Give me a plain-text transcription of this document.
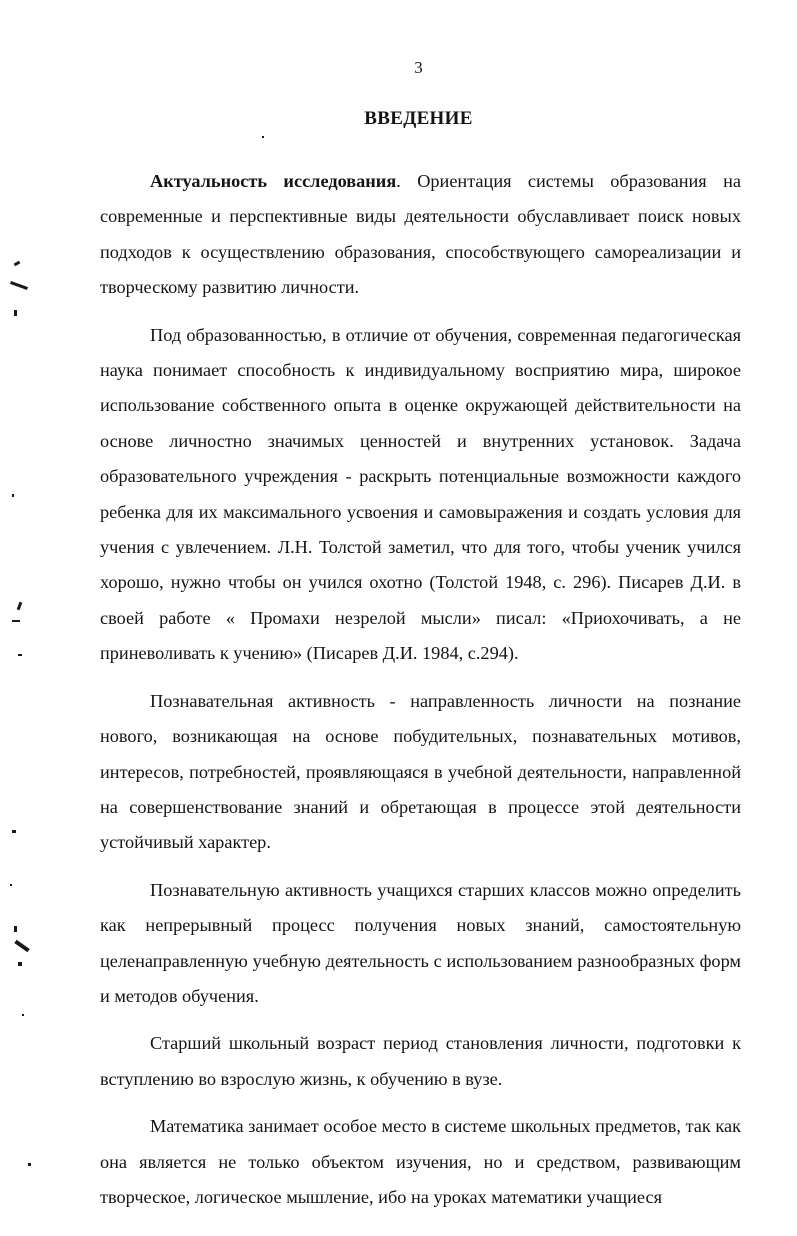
3
ВВЕДЕНИЕ

Актуальность исследования. Ориентация системы образования на современные и перспективные виды деятельности обуславливает поиск новых подходов к осуществлению образования, способствующего самореализации и творческому развитию личности.

Под образованностью, в отличие от обучения, современная педагогическая наука понимает способность к индивидуальному восприятию мира, широкое использование собственного опыта в оценке окружающей действительности на основе личностно значимых ценностей и внутренних установок. Задача образовательного учреждения - раскрыть потенциальные возможности каждого ребенка для их максимального усвоения и самовыражения и создать условия для учения с увлечением. Л.Н. Толстой заметил, что для того, чтобы ученик учился хорошо, нужно чтобы он учился охотно (Толстой 1948, с. 296). Писарев Д.И. в своей работе « Промахи незрелой мысли» писал: «Приохочивать, а не приневоливать к учению» (Писарев Д.И. 1984, с.294).

Познавательная активность - направленность личности на познание нового, возникающая на основе побудительных, познавательных мотивов, интересов, потребностей, проявляющаяся в учебной деятельности, направленной на совершенствование знаний и обретающая в процессе этой деятельности устойчивый характер.

Познавательную активность учащихся старших классов можно определить как непрерывный процесс получения новых знаний, самостоятельную целенаправленную учебную деятельность с использованием разнообразных форм и методов обучения.

Старший школьный возраст период становления личности, подготовки к вступлению во взрослую жизнь, к обучению в вузе.

Математика занимает особое место в системе школьных предметов, так как она является не только объектом изучения, но и средством, развивающим творческое, логическое мышление, ибо на уроках математики учащиеся
